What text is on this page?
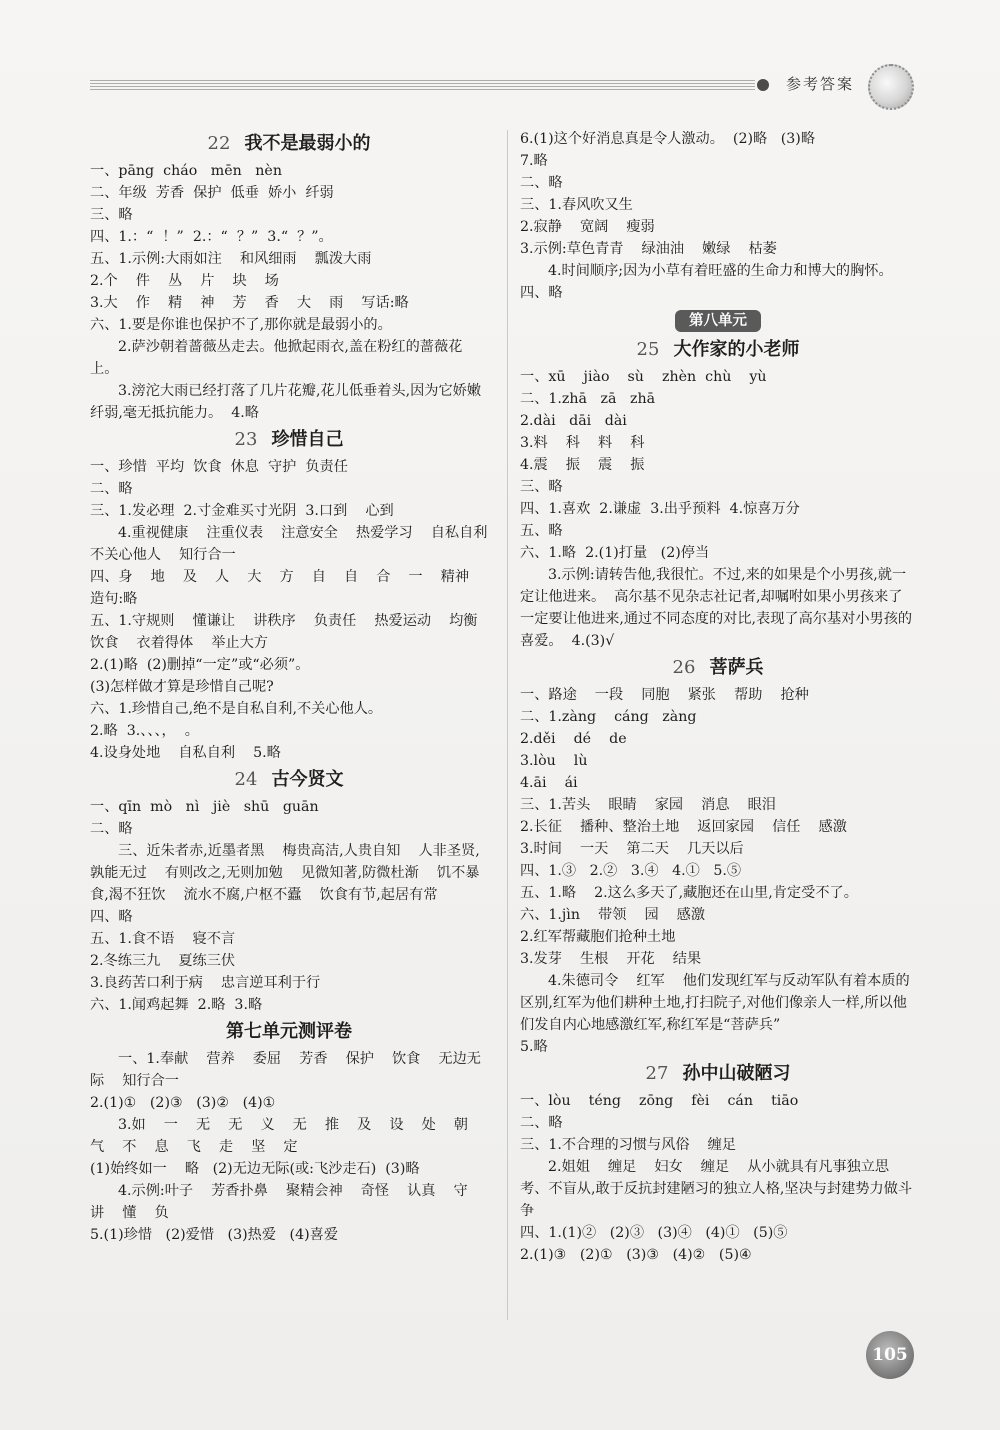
参考答案
22 我不是最弱小的

一、pāng  cháo   mēn   nèn

二、年级  芳香  保护  低垂  娇小  纤弱

三、略

四、1.：“  ！”  2.：“  ？”  3.“  ？”。

五、1.示例:大雨如注    和风细雨    瓢泼大雨

2.个    件    丛    片    块    场

3.大    作    精    神    芳    香    大    雨    写话:略

六、1.要是你谁也保护不了,那你就是最弱小的。

2.萨沙朝着蔷薇丛走去。他掀起雨衣,盖在粉红的蔷薇花上。

3.滂沱大雨已经打落了几片花瓣,花儿低垂着头,因为它娇嫩纤弱,毫无抵抗能力。  4.略

23 珍惜自己

一、珍惜  平均  饮食  休息  守护  负责任

二、略

三、1.发必理  2.寸金难买寸光阴  3.口到    心到

4.重视健康    注重仪表    注意安全    热爱学习    自私自利    不关心他人    知行合一

四、身    地    及    人    大    方    自    自    合    一    精神    造句:略

五、1.守规则    懂谦让    讲秩序    负责任    热爱运动    均衡饮食    衣着得体    举止大方

2.(1)略  (2)删掉“一定”或“必须”。

(3)怎样做才算是珍惜自己呢?

六、1.珍惜自己,绝不是自私自利,不关心他人。

2.略  3.、、、，  。

4.设身处地    自私自利    5.略

24 古今贤文

一、qīn  mò   nì   jiè   shū   guān

二、略

三、近朱者赤,近墨者黑    梅贵高洁,人贵自知    人非圣贤,孰能无过    有则改之,无则加勉    见微知著,防微杜渐    饥不暴食,渴不狂饮    流水不腐,户枢不蠹    饮食有节,起居有常

四、略

五、1.食不语    寝不言

2.冬练三九    夏练三伏

3.良药苦口利于病    忠言逆耳利于行

六、1.闻鸡起舞  2.略  3.略

第七单元测评卷

一、1.奉献    营养    委屈    芳香    保护    饮食    无边无际    知行合一

2.(1)①   (2)③   (3)②   (4)①

3.如    一    无    无    义    无    推    及    设    处    朝    气    不    息    飞    走    坚    定

(1)始终如一    略   (2)无边无际(或:飞沙走石)  (3)略

4.示例:叶子    芳香扑鼻    聚精会神    奇怪    认真    守    讲    懂    负

5.(1)珍惜   (2)爱惜   (3)热爱   (4)喜爱

6.(1)这个好消息真是令人激动。  (2)略   (3)略

7.略

二、略

三、1.春风吹又生

2.寂静    宽阔    瘦弱

3.示例:草色青青    绿油油    嫩绿    枯萎

4.时间顺序;因为小草有着旺盛的生命力和博大的胸怀。

四、略

第八单元
25 大作家的小老师

一、xū    jiào    sù    zhèn  chù    yù

二、1.zhā   zā   zhā

2.dài   dāi   dài

3.料    科    料    科

4.震    振    震    振

三、略

四、1.喜欢  2.谦虚  3.出乎预料  4.惊喜万分

五、略

六、1.略  2.(1)打量   (2)停当

3.示例:请转告他,我很忙。不过,来的如果是个小男孩,就一定让他进来。  高尔基不见杂志社记者,却嘱咐如果小男孩来了一定要让他进来,通过不同态度的对比,表现了高尔基对小男孩的喜爱。  4.(3)√

26 菩萨兵

一、路途    一段    同胞    紧张    帮助    抢种

二、1.zàng    cáng   zàng

2.děi    dé    de

3.lòu    lù

4.āi    ái

三、1.苦头    眼睛    家园    消息    眼泪

2.长征    播种、整治土地    返回家园    信任    感激

3.时间    一天    第二天    几天以后

四、1.③   2.②   3.④   4.①   5.⑤

五、1.略    2.这么多天了,藏胞还在山里,肯定受不了。

六、1.jìn    带领    园    感激

2.红军帮藏胞们抢种土地

3.发芽    生根    开花    结果

4.朱德司令    红军    他们发现红军与反动军队有着本质的区别,红军为他们耕种土地,打扫院子,对他们像亲人一样,所以他们发自内心地感激红军,称红军是“菩萨兵”

5.略

27 孙中山破陋习

一、lòu    téng    zōng    fèi    cán    tiāo

二、略

三、1.不合理的习惯与风俗    缠足

2.姐姐    缠足    妇女    缠足    从小就具有凡事独立思考、不盲从,敢于反抗封建陋习的独立人格,坚决与封建势力做斗争

四、1.(1)②   (2)③   (3)④   (4)①   (5)⑤

2.(1)③   (2)①   (3)③   (4)②   (5)④

105
